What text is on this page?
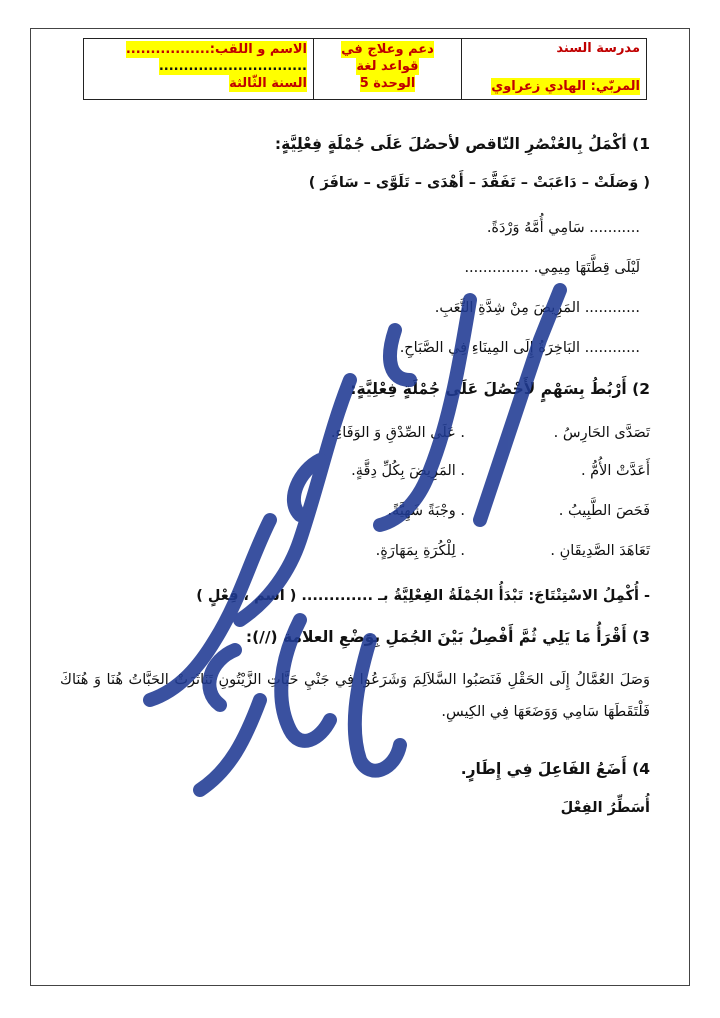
مدرسة السند
المربّي: الهادي زعراوي
دعم وعلاج في
قواعد لغة
الوحدة 5
الاسم و اللقب:.................
..............................
السنة الثّالثة
1) أكْمَلُ بِالعُنْصُرِ النّاقص لأحصُلَ عَلَى جُمْلَةٍ فِعْلِيَّةٍ:
( وَصَلَتْ – دَاعَبَتْ – تَفَقَّدَ – أَهْدَى – تَلَوَّى – سَافَرَ )
........... سَامِي أُمَّهُ وَرْدَةً.
لَيْلَى قِطَّتَهَا مِيمِي. ..............
............ المَرِيضَ مِنْ شِدَّةِ التَّعَبِ.
............ البَاخِرَةُ إِلَى المِينَاءِ فِي الصَّبَاحِ.
2) أَرْبُطُ بِسَهْمٍ لأَحْصُلَ عَلَى جُمْلَةٍ فِعْلِيَّةٍ:
تَصَدَّى الحَارِسُ .
. عَلَى الصِّدْقِ وَ الوَفَاءِ.
أَعَدَّتْ الأُمُّ .
. المَرِيضَ بِكُلِّ دِقَّةٍ.
فَحَصَ الطَّبِيبُ .
. وجْبَةً شَهِيَّةً.
تَعَاهَدَ الصَّدِيقَانِ .
. لِلْكُرَةِ بِمَهَارَةٍ.
- أُكْمِلُ الاسْتِنْتَاجَ: تَبْدَأُ الجُمْلَةُ الفِعْلِيَّةُ بـ ............. ( اسم ، فِعْلٍ )
3) أَقْرَأُ مَا يَلِي ثُمَّ أَفْصِلُ بَيْنَ الجُمَلِ بِوَضْعِ العلامة (//):
وَصَلَ العُمَّالُ إِلَى الحَقْلِ فَنَصَبُوا السَّلاَلِمَ وَشَرَعُوا فِي جَنْيِ حَبَّاتِ الزَّيْتُونِ تَنَاثَرَتْ الحَبَّاتُ هُنَا وَ هُنَاكَ فَلْتَقَطَهَا سَامِي وَوَضَعَهَا فِي الكِيسِ.
4) أَضَعُ الفَاعِلَ فِي إِطَارٍ.
أُسَطِّرُ الفِعْلَ
